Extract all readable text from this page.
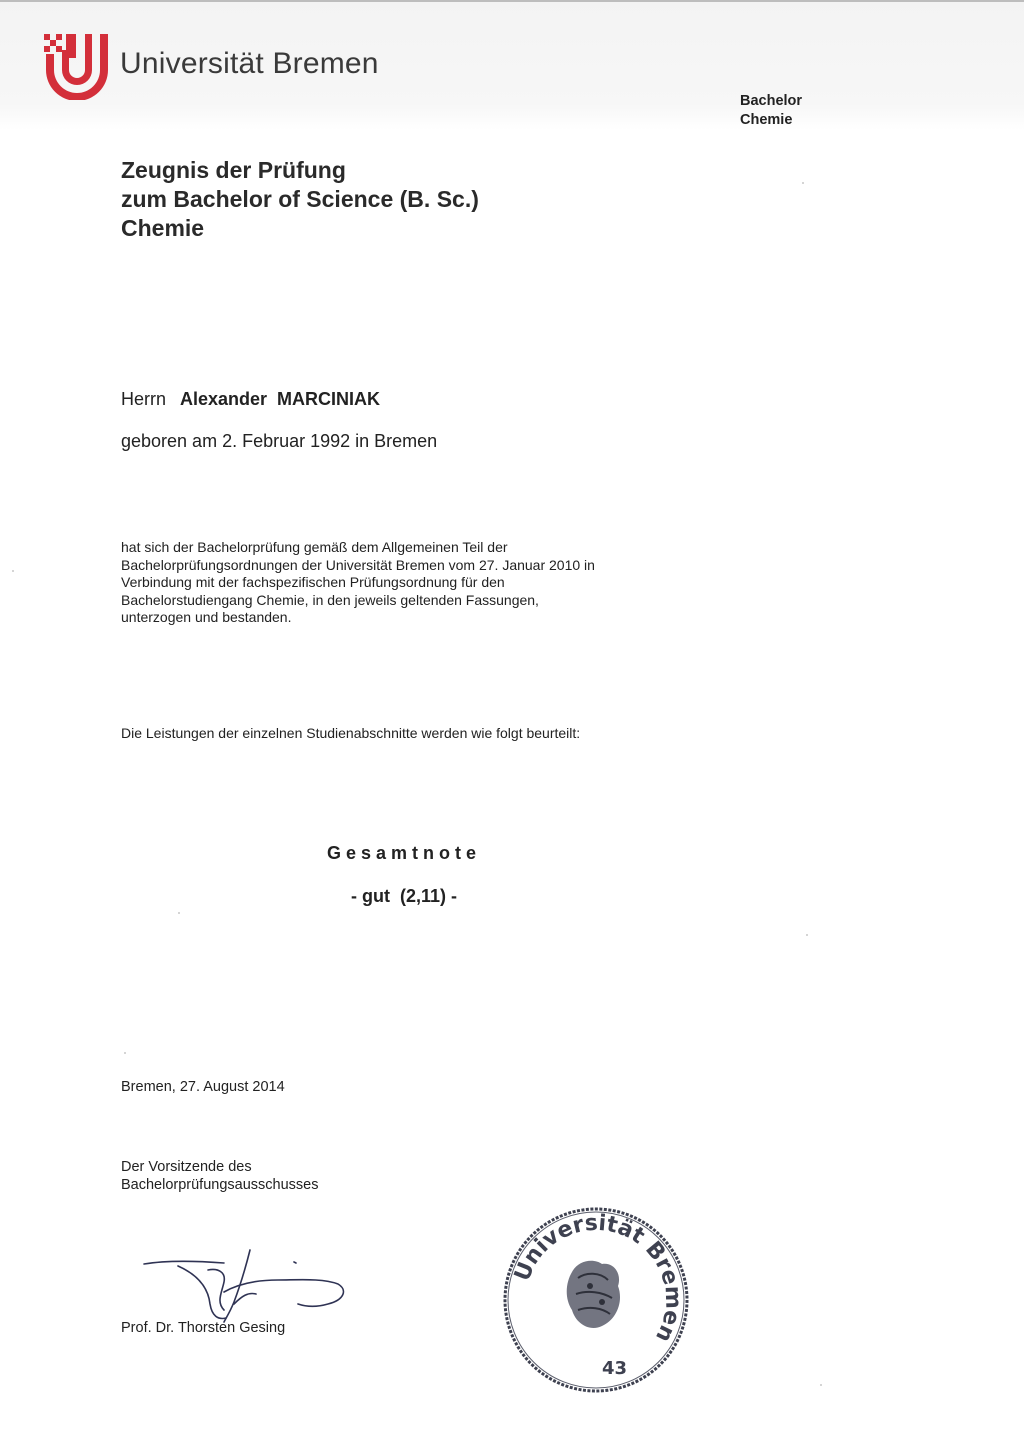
Universität Bremen
Bachelor
Chemie
Zeugnis der Prüfung
zum Bachelor of Science (B. Sc.)
Chemie
Herrn Alexander  MARCINIAK
geboren am 2. Februar 1992 in Bremen
hat sich der Bachelorprüfung gemäß dem Allgemeinen Teil der
Bachelorprüfungsordnungen der Universität Bremen vom 27. Januar 2010 in
Verbindung mit der fachspezifischen Prüfungsordnung für den
Bachelorstudiengang Chemie, in den jeweils geltenden Fassungen,
unterzogen und bestanden.
Die Leistungen der einzelnen Studienabschnitte werden wie folgt beurteilt:
Gesamtnote
- gut  (2,11) -
Bremen, 27. August 2014
Der Vorsitzende des
Bachelorprüfungsausschusses
Prof. Dr. Thorsten Gesing
Universität Bremen
43
